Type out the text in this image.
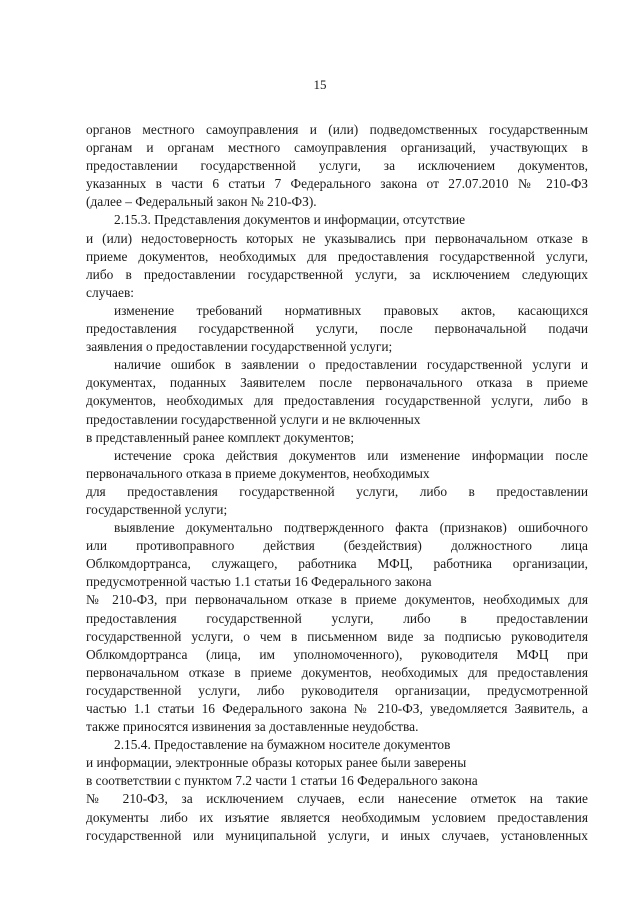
15
органов местного самоуправления и (или) подведомственных государственным
органам и органам местного самоуправления организаций, участвующих в
предоставлении государственной услуги, за исключением документов,
указанных в части 6 статьи 7 Федерального закона от 27.07.2010 № 210-ФЗ
(далее – Федеральный закон № 210-ФЗ).
2.15.3. Представления документов и информации, отсутствие
и (или) недостоверность которых не указывались при первоначальном отказе в
приеме документов, необходимых для предоставления государственной услуги,
либо в предоставлении государственной услуги, за исключением следующих
случаев:
изменение требований нормативных правовых актов, касающихся
предоставления государственной услуги, после первоначальной подачи
заявления о предоставлении государственной услуги;
наличие ошибок в заявлении о предоставлении государственной услуги и
документах, поданных Заявителем после первоначального отказа в приеме
документов, необходимых для предоставления государственной услуги, либо в
предоставлении государственной услуги и не включенных
в представленный ранее комплект документов;
истечение срока действия документов или изменение информации после
первоначального отказа в приеме документов, необходимых
для предоставления государственной услуги, либо в предоставлении
государственной услуги;
выявление документально подтвержденного факта (признаков) ошибочного
или противоправного действия (бездействия) должностного лица
Облкомдортранса, служащего, работника МФЦ, работника организации,
предусмотренной частью 1.1 статьи 16 Федерального закона
№ 210-ФЗ, при первоначальном отказе в приеме документов, необходимых для
предоставления государственной услуги, либо в предоставлении
государственной услуги, о чем в письменном виде за подписью руководителя
Облкомдортранса (лица, им уполномоченного), руководителя МФЦ при
первоначальном отказе в приеме документов, необходимых для предоставления
государственной услуги, либо руководителя организации, предусмотренной
частью 1.1 статьи 16 Федерального закона № 210-ФЗ, уведомляется Заявитель, а
также приносятся извинения за доставленные неудобства.
2.15.4. Предоставление на бумажном носителе документов
и информации, электронные образы которых ранее были заверены
в соответствии с пунктом 7.2 части 1 статьи 16 Федерального закона
№ 210-ФЗ, за исключением случаев, если нанесение отметок на такие
документы либо их изъятие является необходимым условием предоставления
государственной или муниципальной услуги, и иных случаев, установленных
